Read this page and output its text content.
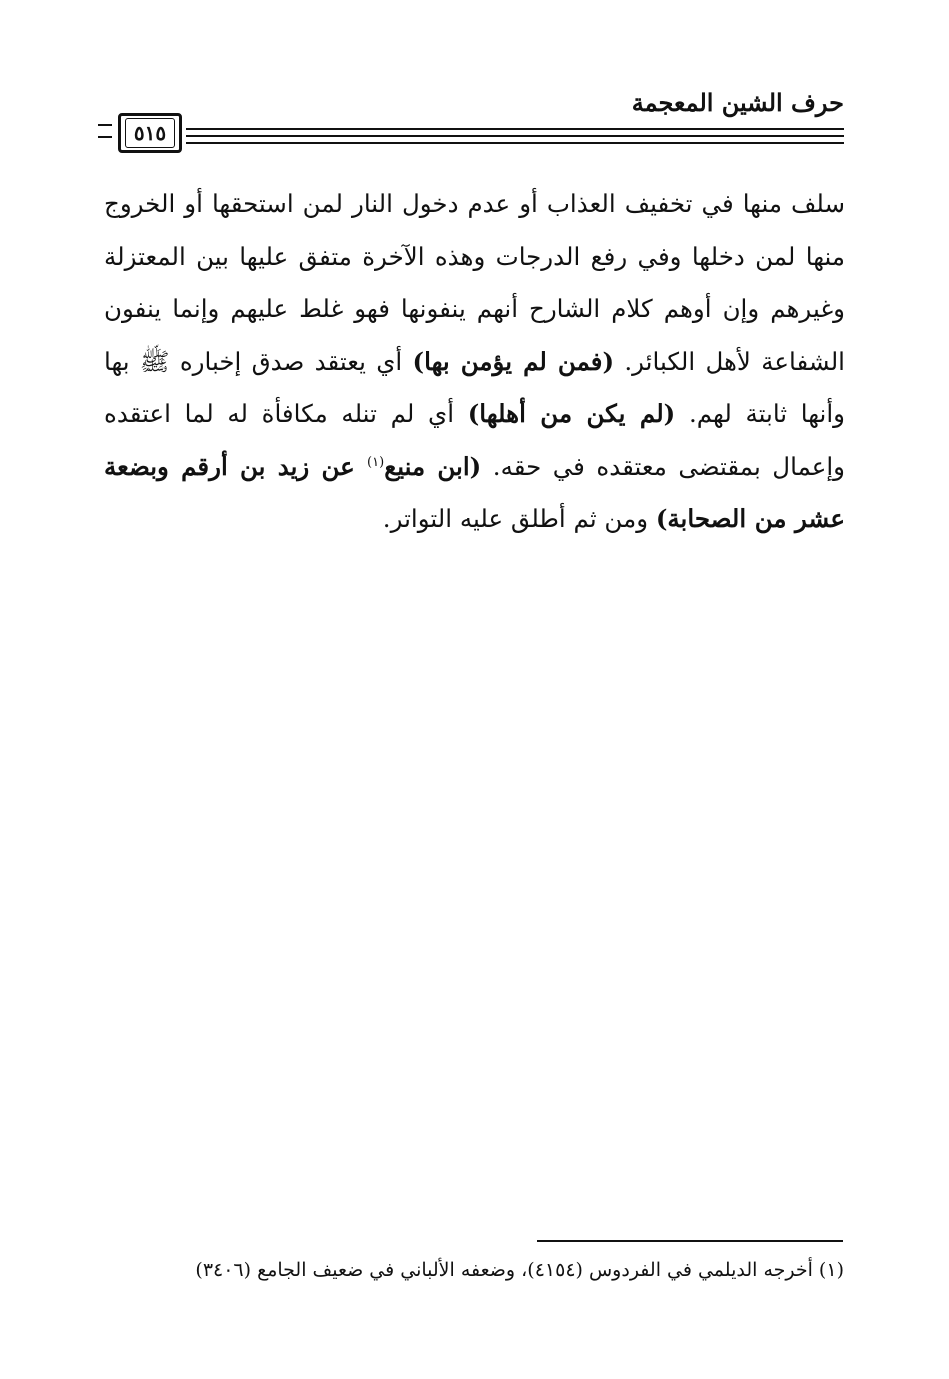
حرف الشين المعجمة
٥١٥

سلف منها في تخفيف العذاب أو عدم دخول النار لمن استحقها أو الخروج منها لمن دخلها وفي رفع الدرجات وهذه الآخرة متفق عليها بين المعتزلة وغيرهم وإن أوهم كلام الشارح أنهم ينفونها فهو غلط عليهم وإنما ينفون الشفاعة لأهل الكبائر. (فمن لم يؤمن بها) أي يعتقد صدق إخباره ﷺ بها وأنها ثابتة لهم. (لم يكن من أهلها) أي لم تنله مكافأة له لما اعتقده وإعمال بمقتضى معتقده في حقه. (ابن منيع$^{(١)}$ عن زيد بن أرقم وبضعة عشر من الصحابة) ومن ثم أطلق عليه التواتر.

(١) أخرجه الديلمي في الفردوس (٤١٥٤)، وضعفه الألباني في ضعيف الجامع (٣٤٠٦)
